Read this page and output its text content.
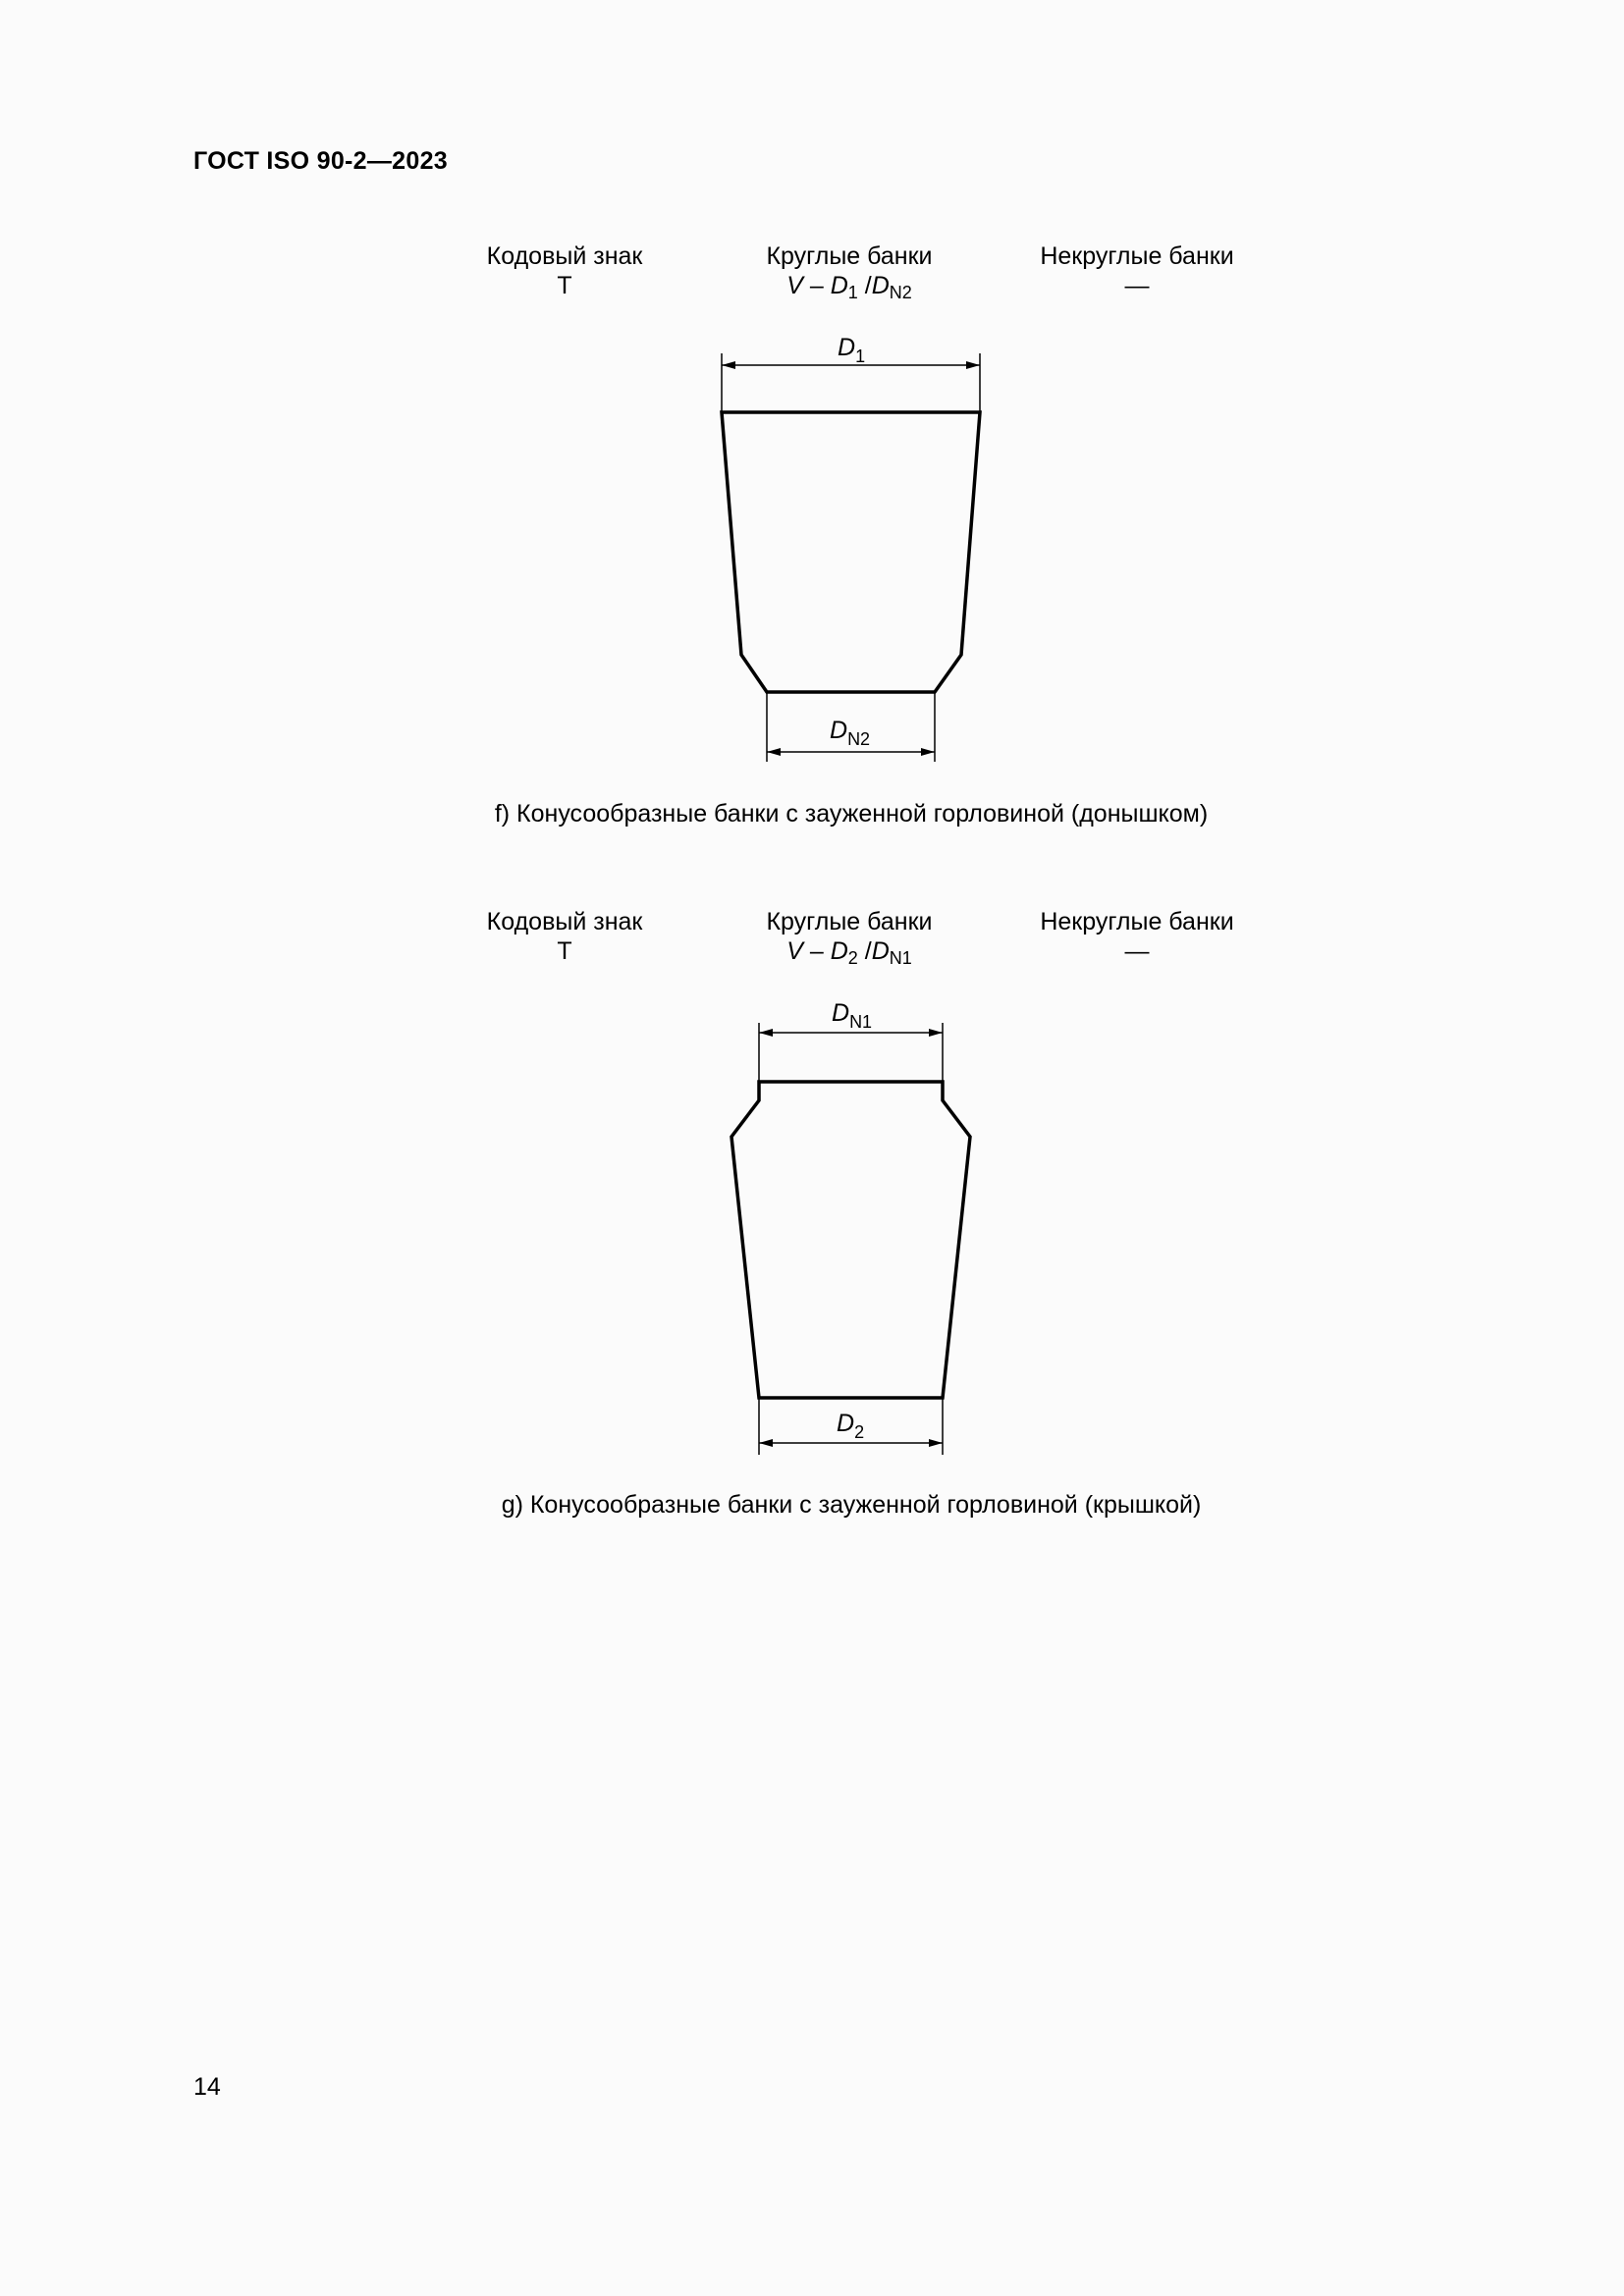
ГОСТ ISO 90-2—2023
Кодовый знак
T
Круглые банки
V – $D_1$ $/D_{N2}$
Некруглые банки
—
$D_1$
$D_{N2}$
$D_{N1}$
$D_2$
f) Конусообразные банки с зауженной горловиной (донышком)
Кодовый знак
T
Круглые банки
V – $D_2$ $/D_{N1}$
Некруглые банки
—
g) Конусообразные банки с зауженной горловиной (крышкой)
14
